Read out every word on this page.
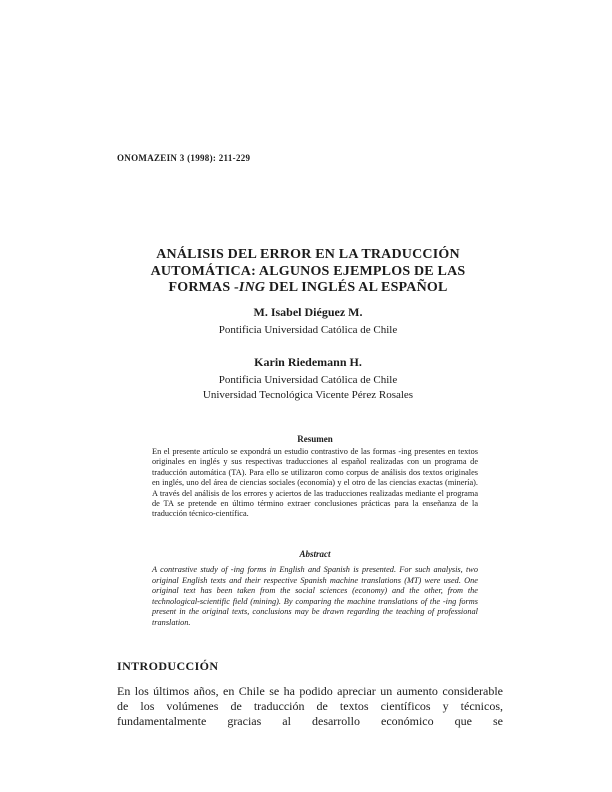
ONOMAZEIN 3 (1998): 211-229
ANÁLISIS DEL ERROR EN LA TRADUCCIÓN
AUTOMÁTICA: ALGUNOS EJEMPLOS DE LAS
FORMAS -ING DEL INGLÉS AL ESPAÑOL
M. Isabel Diéguez M.
Pontificia Universidad Católica de Chile
Karin Riedemann H.
Pontificia Universidad Católica de Chile
Universidad Tecnológica Vicente Pérez Rosales
Resumen

En el presente artículo se expondrá un estudio contrastivo de las formas -ing presentes en textos originales en inglés y sus respectivas traducciones al español realizadas con un programa de traducción automática (TA). Para ello se utilizaron como corpus de análisis dos textos originales en inglés, uno del área de ciencias sociales (economía) y el otro de las ciencias exactas (minería). A través del análisis de los errores y aciertos de las traducciones realizadas mediante el programa de TA se pretende en último término extraer conclusiones prácticas para la enseñanza de la traducción técnico-científica.

Abstract

A contrastive study of -ing forms in English and Spanish is presented. For such analysis, two original English texts and their respective Spanish machine translations (MT) were used. One original text has been taken from the social sciences (economy) and the other, from the technological-scientific field (mining). By comparing the machine translations of the -ing forms present in the original texts, conclusions may be drawn regarding the teaching of professional translation.

INTRODUCCIÓN

En los últimos años, en Chile se ha podido apreciar un aumento considerable de los volúmenes de traducción de textos científicos y técnicos, fundamentalmente gracias al desarrollo económico que se
